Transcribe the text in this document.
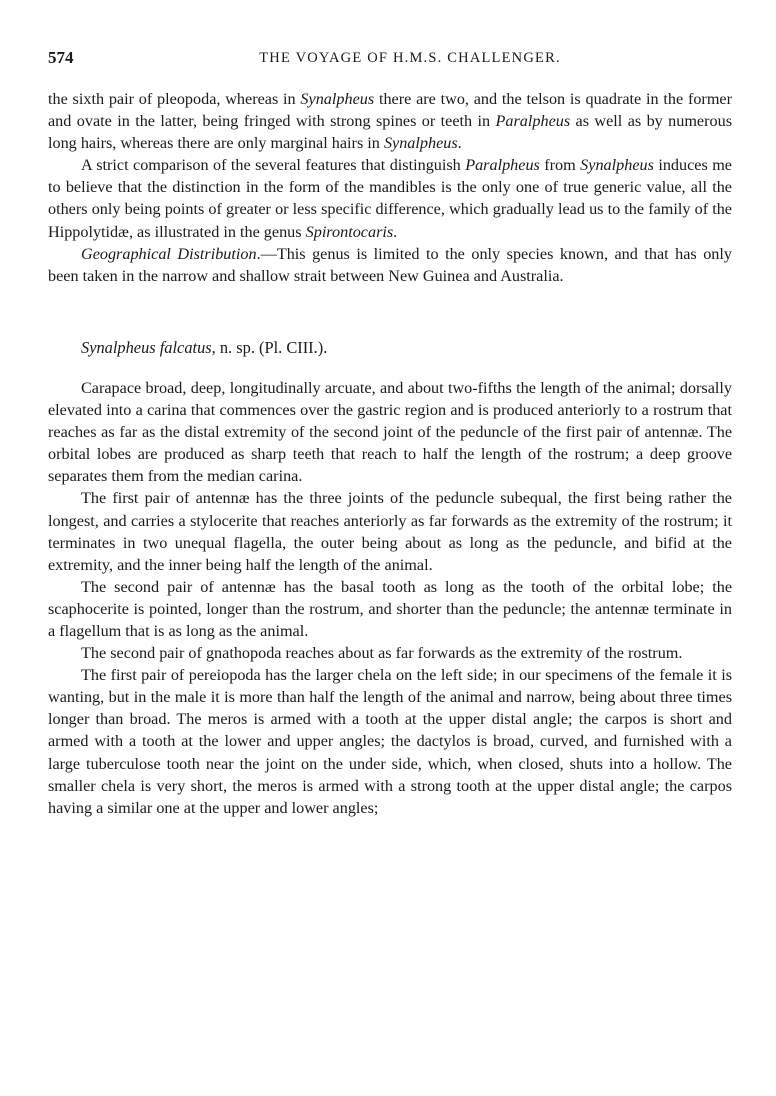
574	THE VOYAGE OF H.M.S. CHALLENGER.

the sixth pair of pleopoda, whereas in Synalpheus there are two, and the telson is quadrate in the former and ovate in the latter, being fringed with strong spines or teeth in Paralpheus as well as by numerous long hairs, whereas there are only marginal hairs in Synalpheus.

A strict comparison of the several features that distinguish Paralpheus from Synalpheus induces me to believe that the distinction in the form of the mandibles is the only one of true generic value, all the others only being points of greater or less specific difference, which gradually lead us to the family of the Hippolytidæ, as illustrated in the genus Spirontocaris.

Geographical Distribution.—This genus is limited to the only species known, and that has only been taken in the narrow and shallow strait between New Guinea and Australia.

Synalpheus falcatus, n. sp. (Pl. CIII.).

Carapace broad, deep, longitudinally arcuate, and about two-fifths the length of the animal; dorsally elevated into a carina that commences over the gastric region and is produced anteriorly to a rostrum that reaches as far as the distal extremity of the second joint of the peduncle of the first pair of antennæ. The orbital lobes are produced as sharp teeth that reach to half the length of the rostrum; a deep groove separates them from the median carina.

The first pair of antennæ has the three joints of the peduncle subequal, the first being rather the longest, and carries a stylocerite that reaches anteriorly as far forwards as the extremity of the rostrum; it terminates in two unequal flagella, the outer being about as long as the peduncle, and bifid at the extremity, and the inner being half the length of the animal.

The second pair of antennæ has the basal tooth as long as the tooth of the orbital lobe; the scaphocerite is pointed, longer than the rostrum, and shorter than the peduncle; the antennæ terminate in a flagellum that is as long as the animal.

The second pair of gnathopoda reaches about as far forwards as the extremity of the rostrum.

The first pair of pereiopoda has the larger chela on the left side; in our specimens of the female it is wanting, but in the male it is more than half the length of the animal and narrow, being about three times longer than broad. The meros is armed with a tooth at the upper distal angle; the carpos is short and armed with a tooth at the lower and upper angles; the dactylos is broad, curved, and furnished with a large tuberculose tooth near the joint on the under side, which, when closed, shuts into a hollow. The smaller chela is very short, the meros is armed with a strong tooth at the upper distal angle; the carpos having a similar one at the upper and lower angles;
